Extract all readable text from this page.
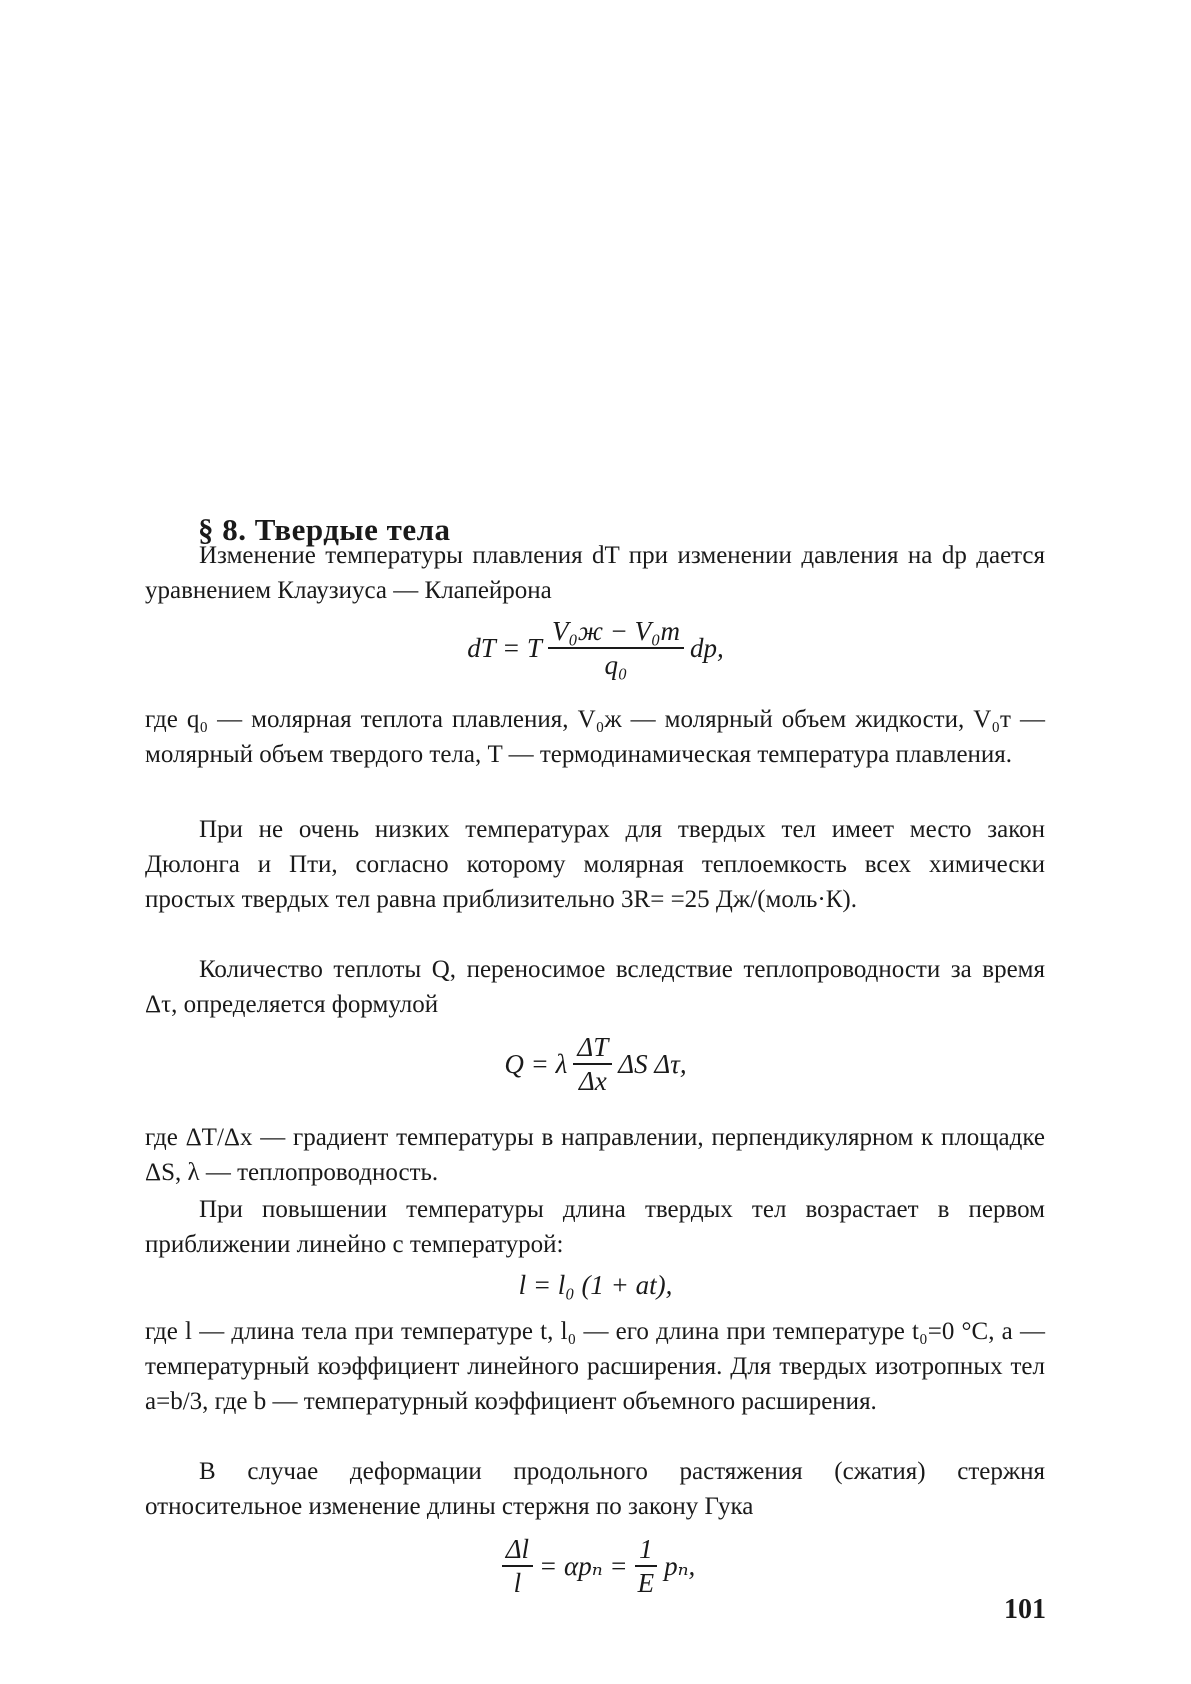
§ 8. Твердые тела

Изменение температуры плавления dT при изменении давления на dp дается уравнением Клаузиуса — Клапейрона

dT = T $\frac{\text{V₀ж − V₀т}}{\text{q₀}}$ dp,

где q₀ — молярная теплота плавления, V₀ж — молярный объем жидкости, V₀т — молярный объем твердого тела, T — термодинамическая температура плавления.

При не очень низких температурах для твердых тел имеет место закон Дюлонга и Пти, согласно которому молярная теплоемкость всех химически простых твердых тел равна приблизительно 3R= =25 Дж/(моль·К).

Количество теплоты Q, переносимое вследствие теплопроводности за время Δτ, определяется формулой

Q = λ $\frac{\Delta T}{\Delta x}$ ΔS Δτ,

где ΔT/Δx — градиент температуры в направлении, перпендикулярном к площадке ΔS, λ — теплопроводность.

При повышении температуры длина твердых тел возрастает в первом приближении линейно с температурой:

l = l₀ (1 + at),

где l — длина тела при температуре t, l₀ — его длина при температуре t₀=0 °C, a — температурный коэффициент линейного расширения. Для твердых изотропных тел a=b/3, где b — температурный коэффициент объемного расширения.

В случае деформации продольного растяжения (сжатия) стержня относительное изменение длины стержня по закону Гука

$\frac{\Delta l}{l} = \alpha p_n = \frac{1}{E} p_n$,
101
